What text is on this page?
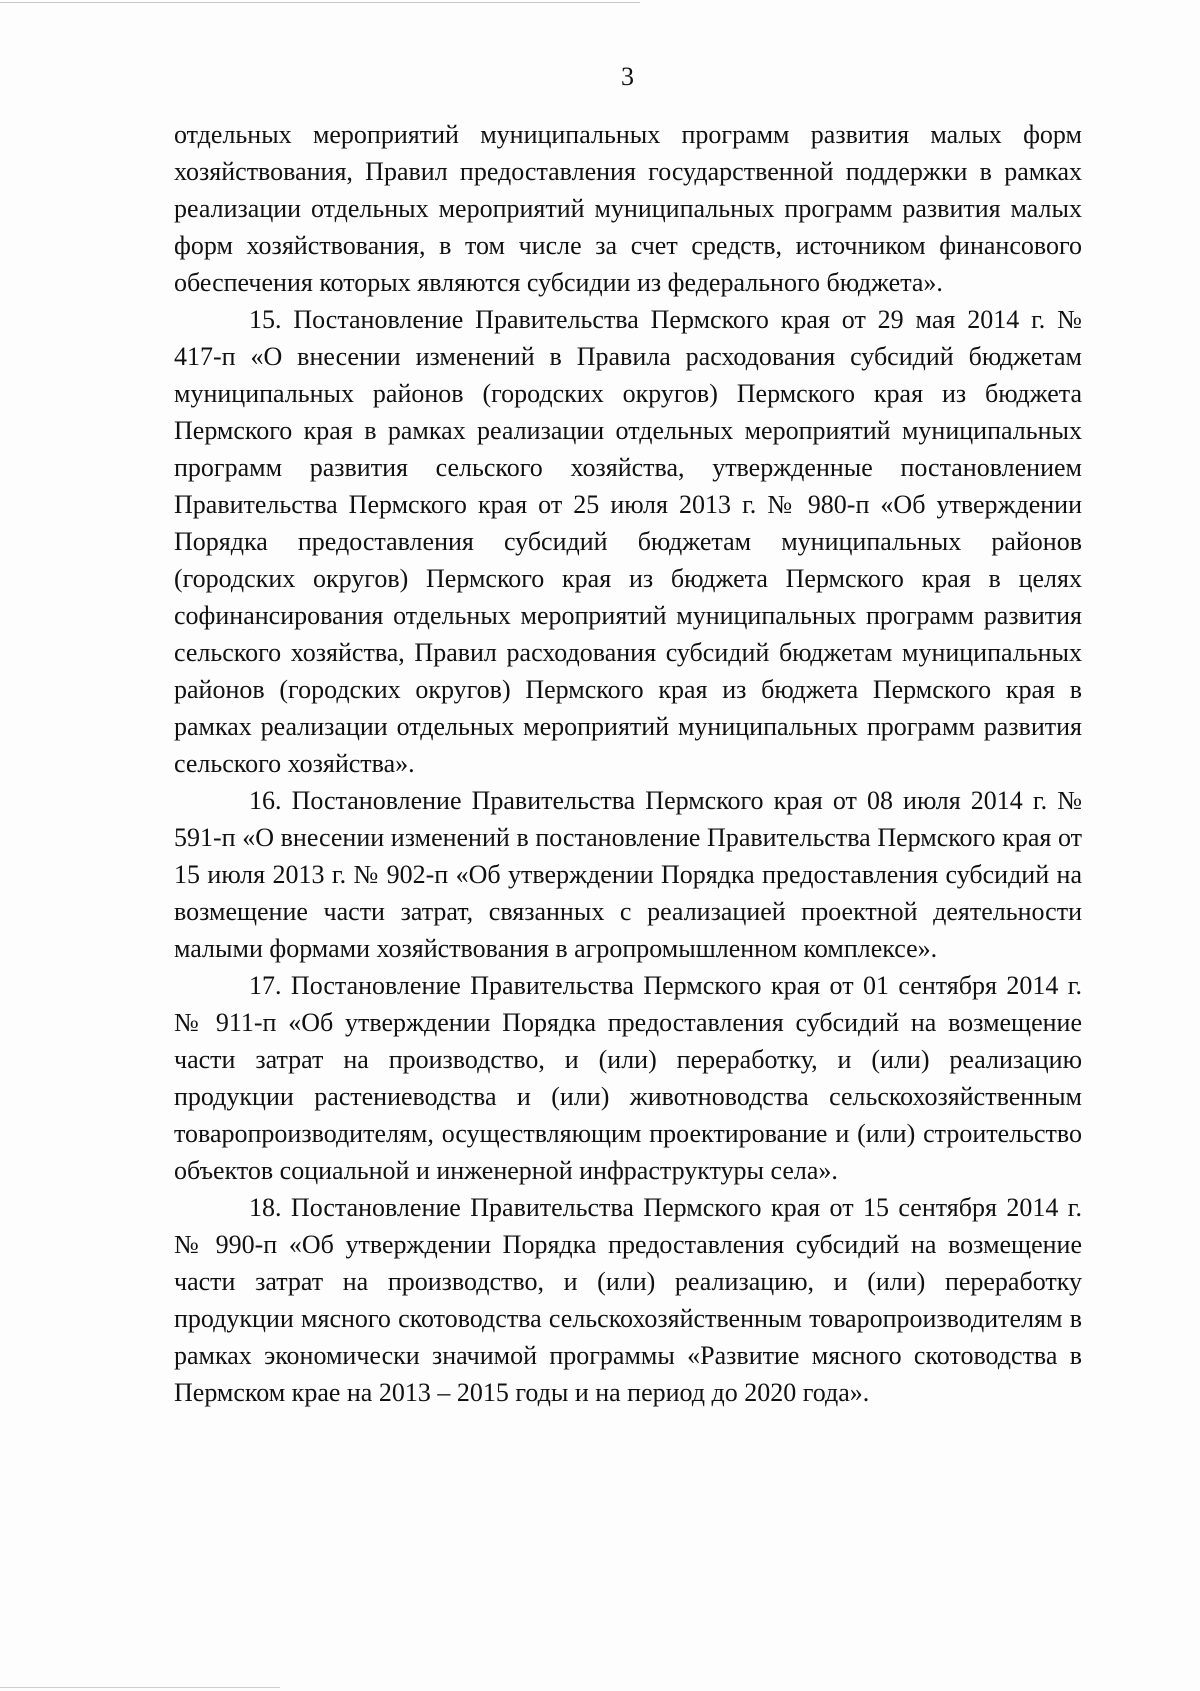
3

отдельных мероприятий муниципальных программ развития малых форм хозяйствования, Правил предоставления государственной поддержки в рамках реализации отдельных мероприятий муниципальных программ развития малых форм хозяйствования, в том числе за счет средств, источником финансового обеспечения которых являются субсидии из федерального бюджета».

15. Постановление Правительства Пермского края от 29 мая 2014 г. № 417-п «О внесении изменений в Правила расходования субсидий бюджетам муниципальных районов (городских округов) Пермского края из бюджета Пермского края в рамках реализации отдельных мероприятий муниципальных программ развития сельского хозяйства, утвержденные постановлением Правительства Пермского края от 25 июля 2013 г. № 980-п «Об утверждении Порядка предоставления субсидий бюджетам муниципальных районов (городских округов) Пермского края из бюджета Пермского края в целях софинансирования отдельных мероприятий муниципальных программ развития сельского хозяйства, Правил расходования субсидий бюджетам муниципальных районов (городских округов) Пермского края из бюджета Пермского края в рамках реализации отдельных мероприятий муниципальных программ развития сельского хозяйства».

16. Постановление Правительства Пермского края от 08 июля 2014 г. № 591-п «О внесении изменений в постановление Правительства Пермского края от 15 июля 2013 г. № 902-п «Об утверждении Порядка предоставления субсидий на возмещение части затрат, связанных с реализацией проектной деятельности малыми формами хозяйствования в агропромышленном комплексе».

17. Постановление Правительства Пермского края от 01 сентября 2014 г. № 911-п «Об утверждении Порядка предоставления субсидий на возмещение части затрат на производство, и (или) переработку, и (или) реализацию продукции растениеводства и (или) животноводства сельскохозяйственным товаропроизводителям, осуществляющим проектирование и (или) строительство объектов социальной и инженерной инфраструктуры села».

18. Постановление Правительства Пермского края от 15 сентября 2014 г. № 990-п «Об утверждении Порядка предоставления субсидий на возмещение части затрат на производство, и (или) реализацию, и (или) переработку продукции мясного скотоводства сельскохозяйственным товаропроизводителям в рамках экономически значимой программы «Развитие мясного скотоводства в Пермском крае на 2013 – 2015 годы и на период до 2020 года».
